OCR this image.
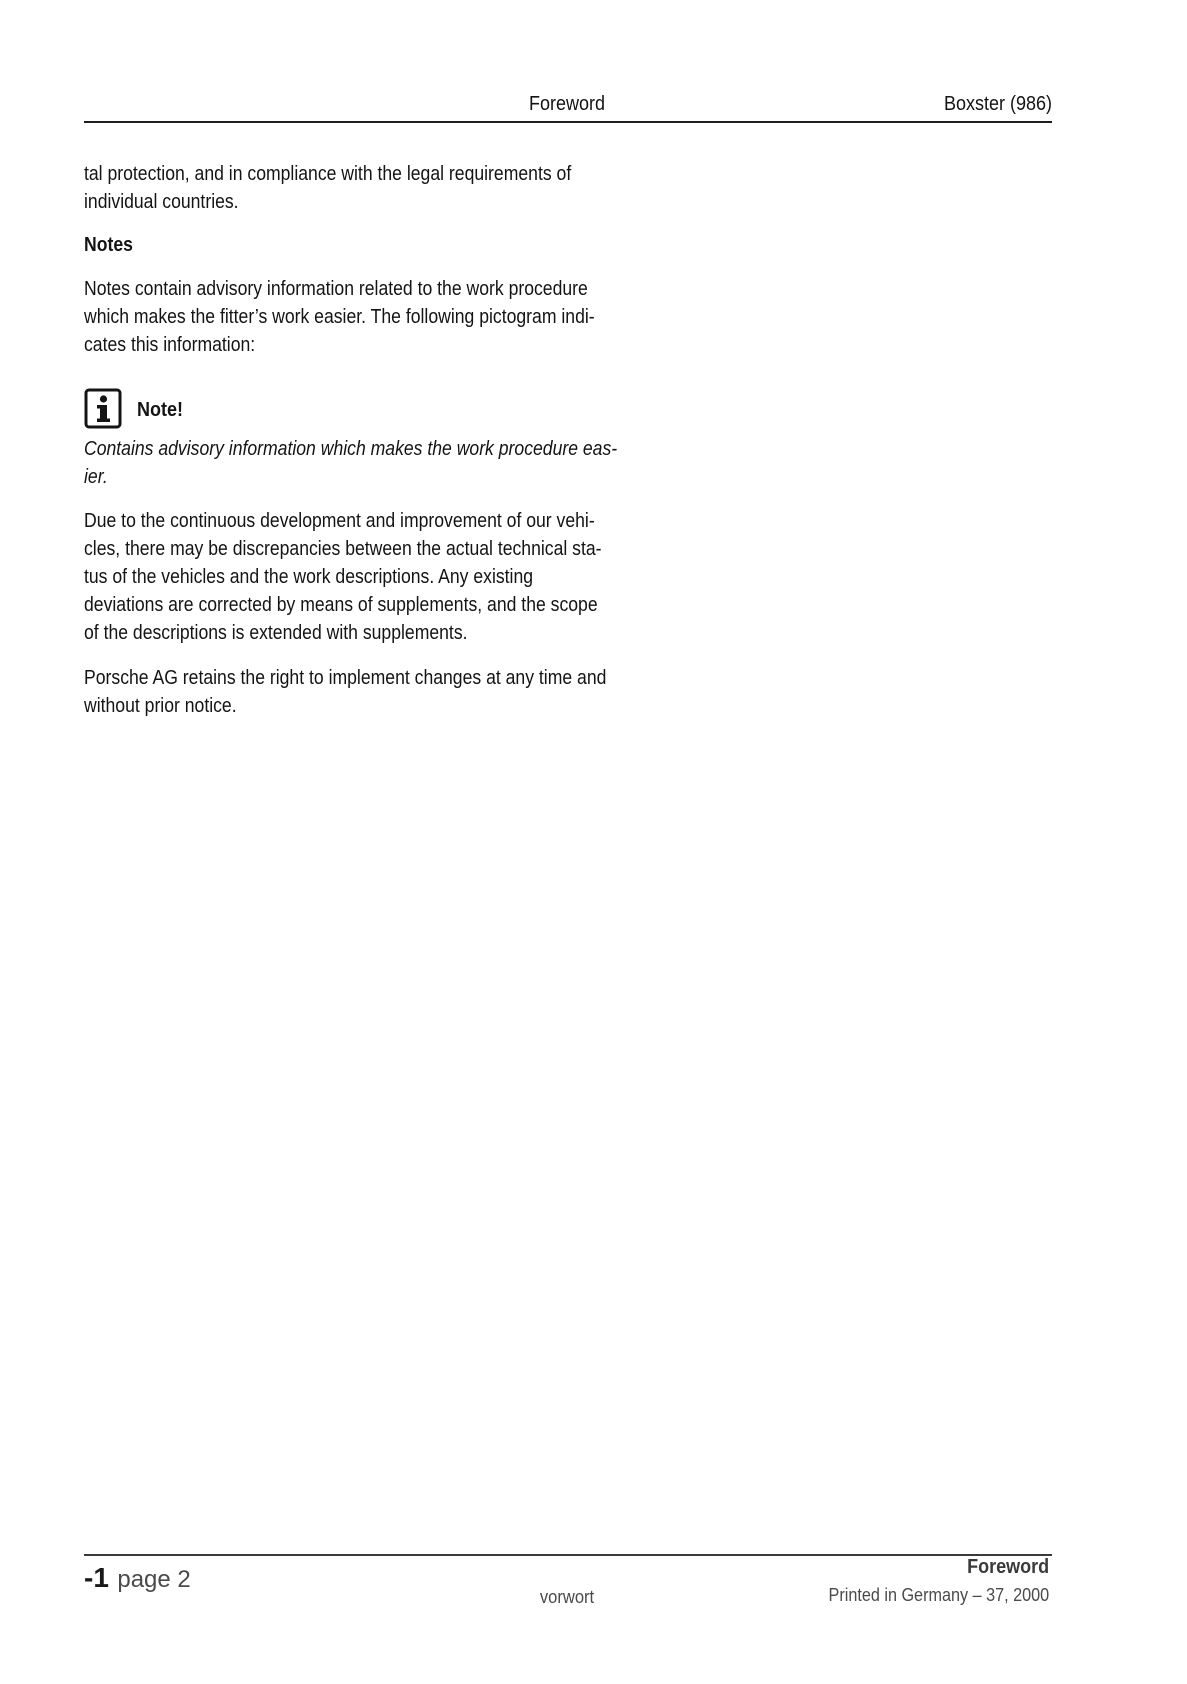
Foreword	Boxster (986)
tal protection, and in compliance with the legal requirements of
individual countries.
Notes
Notes contain advisory information related to the work procedure
which makes the fitter’s work easier. The following pictogram indi-
cates this information:
Note!
Contains advisory information which makes the work procedure eas-
ier.
Due to the continuous development and improvement of our vehi-
cles, there may be discrepancies between the actual technical sta-
tus of the vehicles and the work descriptions. Any existing
deviations are corrected by means of supplements, and the scope
of the descriptions is extended with supplements.
Porsche AG retains the right to implement changes at any time and
without prior notice.
-1 page 2
vorwort
Foreword
Printed in Germany – 37, 2000
